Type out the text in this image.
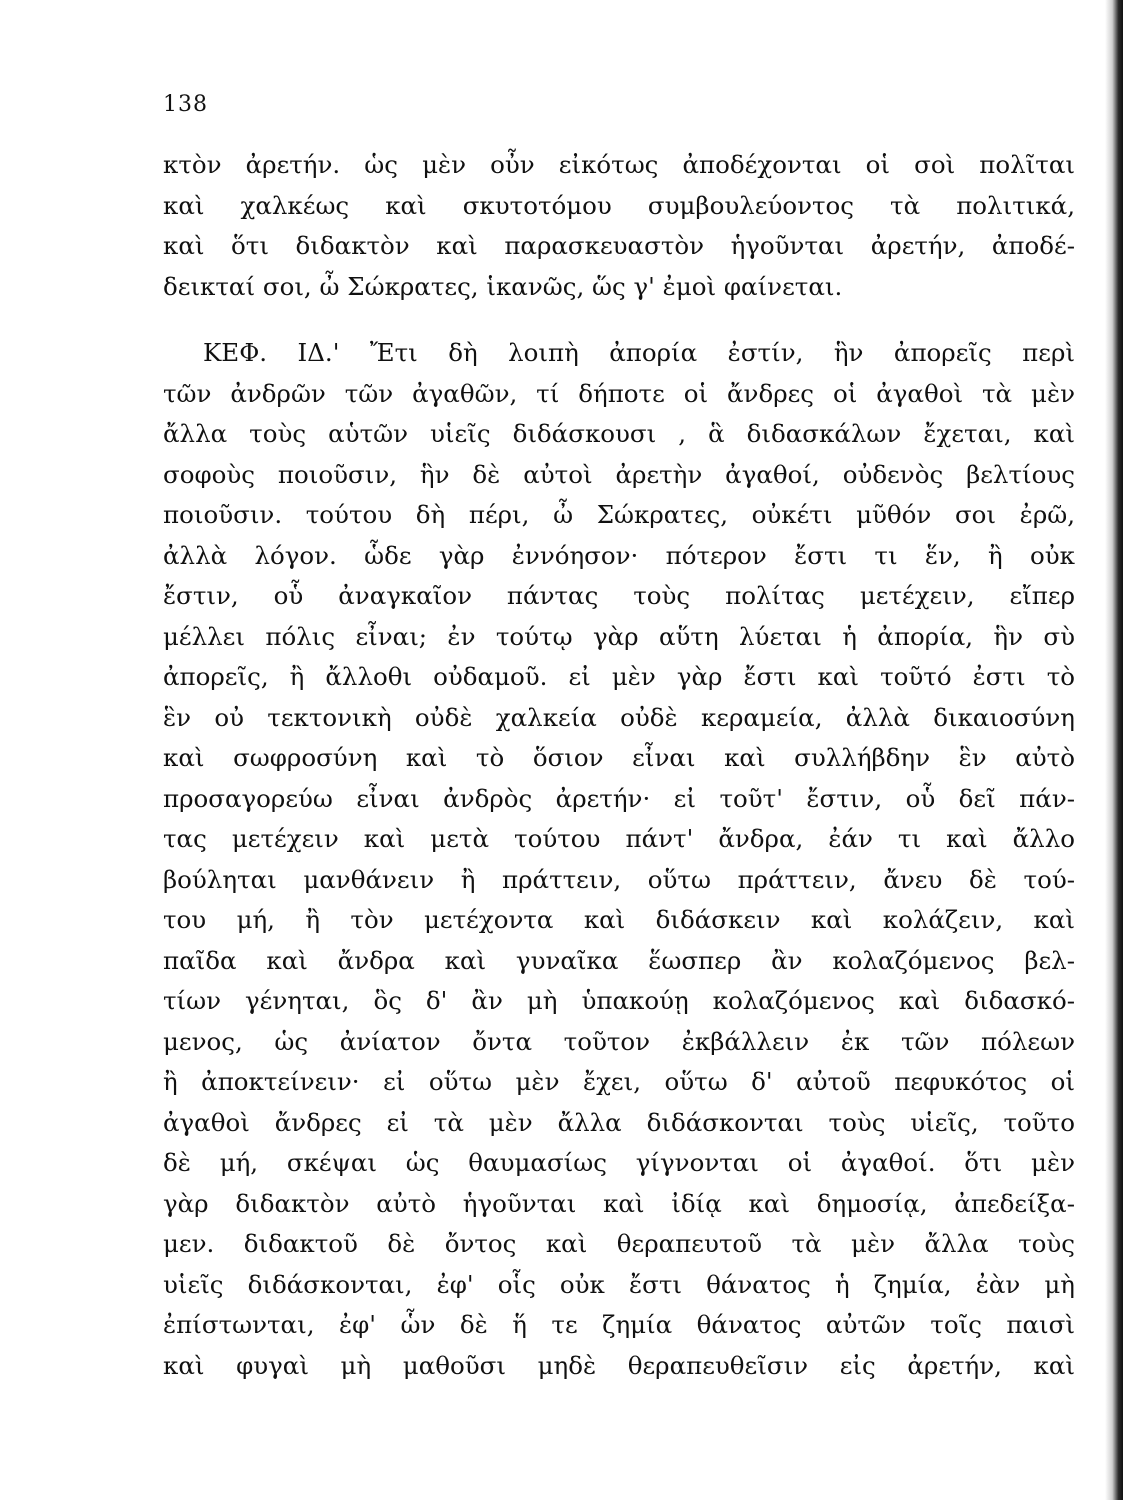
138
κτὸν ἀρετήν. ὡς μὲν οὖν εἰκότως ἀποδέχονται οἱ σοὶ πολῖται
καὶ χαλκέως καὶ σκυτοτόμου συμβουλεύοντος τὰ πολιτικά,
καὶ ὅτι διδακτὸν καὶ παρασκευαστὸν ἡγοῦνται ἀρετήν, ἀποδέ-
δεικταί σοι, ὦ Σώκρατες, ἱκανῶς, ὥς γ' ἐμοὶ φαίνεται.
ΚΕΦ. ΙΔ.' Ἔτι δὴ λοιπὴ ἀπορία ἐστίν, ἣν ἀπορεῖς περὶ
τῶν ἀνδρῶν τῶν ἀγαθῶν, τί δήποτε οἱ ἄνδρες οἱ ἀγαθοὶ τὰ μὲν
ἄλλα τοὺς αὑτῶν υἱεῖς διδάσκουσι , ἃ διδασκάλων ἔχεται, καὶ
σοφοὺς ποιοῦσιν, ἣν δὲ αὐτοὶ ἀρετὴν ἀγαθοί, οὐδενὸς βελτίους
ποιοῦσιν. τούτου δὴ πέρι, ὦ Σώκρατες, οὐκέτι μῦθόν σοι ἐρῶ,
ἀλλὰ λόγον. ὧδε γὰρ ἐννόησον· πότερον ἔστι τι ἕν, ἢ οὐκ
ἔστιν, οὗ ἀναγκαῖον πάντας τοὺς πολίτας μετέχειν, εἴπερ
μέλλει πόλις εἶναι; ἐν τούτῳ γὰρ αὕτη λύεται ἡ ἀπορία, ἣν σὺ
ἀπορεῖς, ἢ ἄλλοθι οὐδαμοῦ. εἰ μὲν γὰρ ἔστι καὶ τοῦτό ἐστι τὸ
ἓν οὐ τεκτονικὴ οὐδὲ χαλκεία οὐδὲ κεραμεία, ἀλλὰ δικαιοσύνη
καὶ σωφροσύνη καὶ τὸ ὅσιον εἶναι καὶ συλλήβδην ἓν αὐτὸ
προσαγορεύω εἶναι ἀνδρὸς ἀρετήν· εἰ τοῦτ' ἔστιν, οὗ δεῖ πάν-
τας μετέχειν καὶ μετὰ τούτου πάντ' ἄνδρα, ἐάν τι καὶ ἄλλο
βούληται μανθάνειν ἢ πράττειν, οὕτω πράττειν, ἄνευ δὲ τού-
του μή, ἢ τὸν μετέχοντα καὶ διδάσκειν καὶ κολάζειν, καὶ
παῖδα καὶ ἄνδρα καὶ γυναῖκα ἕωσπερ ἂν κολαζόμενος βελ-
τίων γένηται, ὃς δ' ἂν μὴ ὑπακούῃ κολαζόμενος καὶ διδασκό-
μενος, ὡς ἀνίατον ὄντα τοῦτον ἐκβάλλειν ἐκ τῶν πόλεων
ἢ ἀποκτείνειν· εἰ οὕτω μὲν ἔχει, οὕτω δ' αὐτοῦ πεφυκότος οἱ
ἀγαθοὶ ἄνδρες εἰ τὰ μὲν ἄλλα διδάσκονται τοὺς υἱεῖς, τοῦτο
δὲ μή, σκέψαι ὡς θαυμασίως γίγνονται οἱ ἀγαθοί. ὅτι μὲν
γὰρ διδακτὸν αὐτὸ ἡγοῦνται καὶ ἰδίᾳ καὶ δημοσίᾳ, ἀπεδείξα-
μεν. διδακτοῦ δὲ ὄντος καὶ θεραπευτοῦ τὰ μὲν ἄλλα τοὺς
υἱεῖς διδάσκονται, ἐφ' οἷς οὐκ ἔστι θάνατος ἡ ζημία, ἐὰν μὴ
ἐπίστωνται, ἐφ' ὧν δὲ ἥ τε ζημία θάνατος αὐτῶν τοῖς παισὶ
καὶ φυγαὶ μὴ μαθοῦσι μηδὲ θεραπευθεῖσιν εἰς ἀρετήν, καὶ
